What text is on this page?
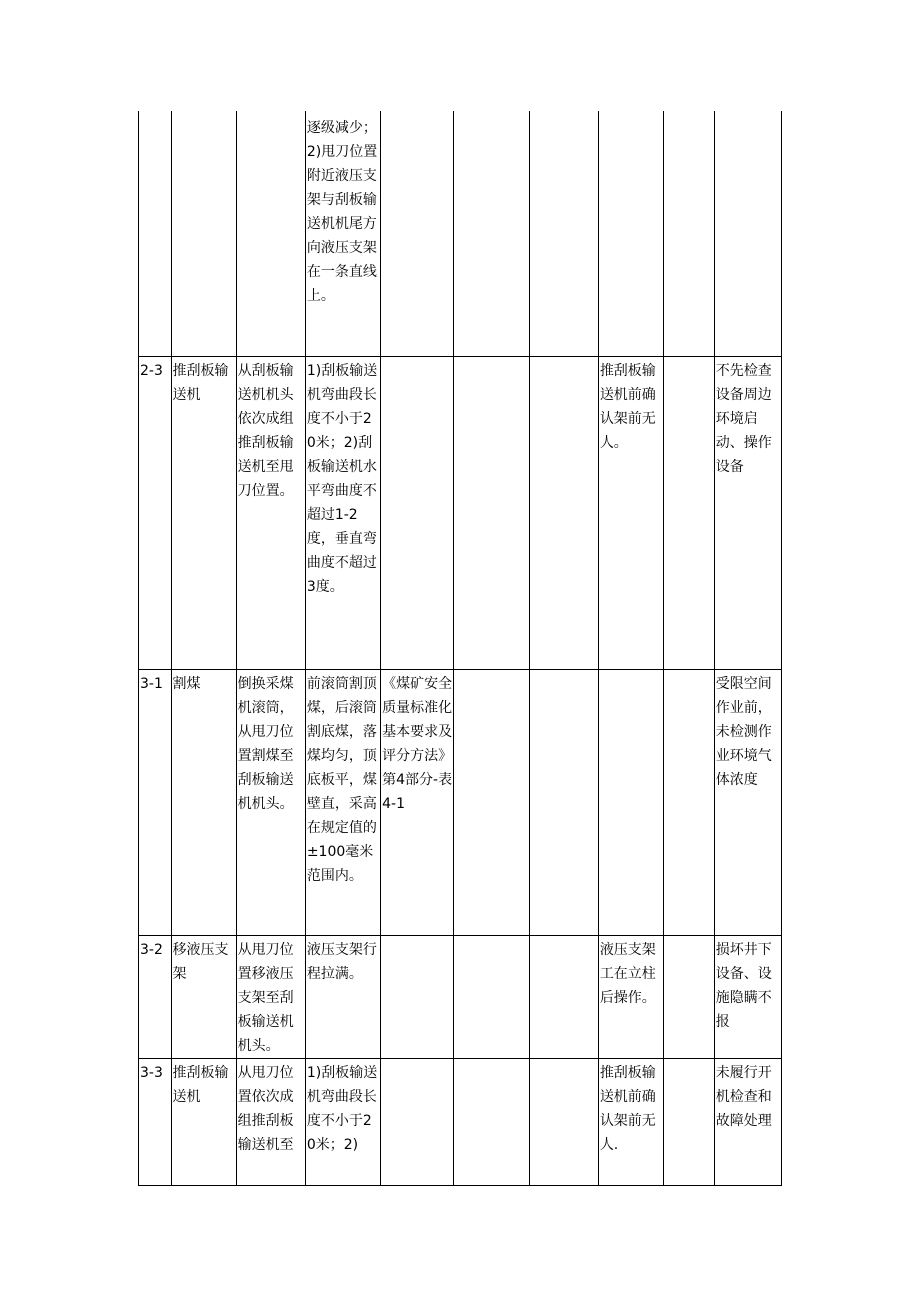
			逐级减少；2)甩刀位置附近液压支架与刮板输送机机尾方向液压支架在一条直线上。						
2-3	推刮板输送机	从刮板输送机机头依次成组推刮板输送机至甩刀位置。	1)刮板输送机弯曲段长度不小于20米；2)刮板输送机水平弯曲度不超过1-2度，垂直弯曲度不超过3度。				推刮板输送机前确认架前无人。		不先检查设备周边环境启动、操作设备
3-1	割煤	倒换采煤机滚筒，从甩刀位置割煤至刮板输送机机头。	前滚筒割顶煤，后滚筒割底煤，落煤均匀，顶底板平，煤壁直，采高在规定值的±100毫米范围内。	《煤矿安全质量标准化基本要求及评分方法》第4部分-表4-1					受限空间作业前，未检测作业环境气体浓度
3-2	移液压支架	从甩刀位置移液压支架至刮板输送机机头。	液压支架行程拉满。				液压支架工在立柱后操作。		损坏井下设备、设施隐瞒不报
3-3	推刮板输送机	从甩刀位置依次成组推刮板输送机至	1)刮板输送机弯曲段长度不小于20米；2)				推刮板输送机前确认架前无人.		未履行开机检查和故障处理
